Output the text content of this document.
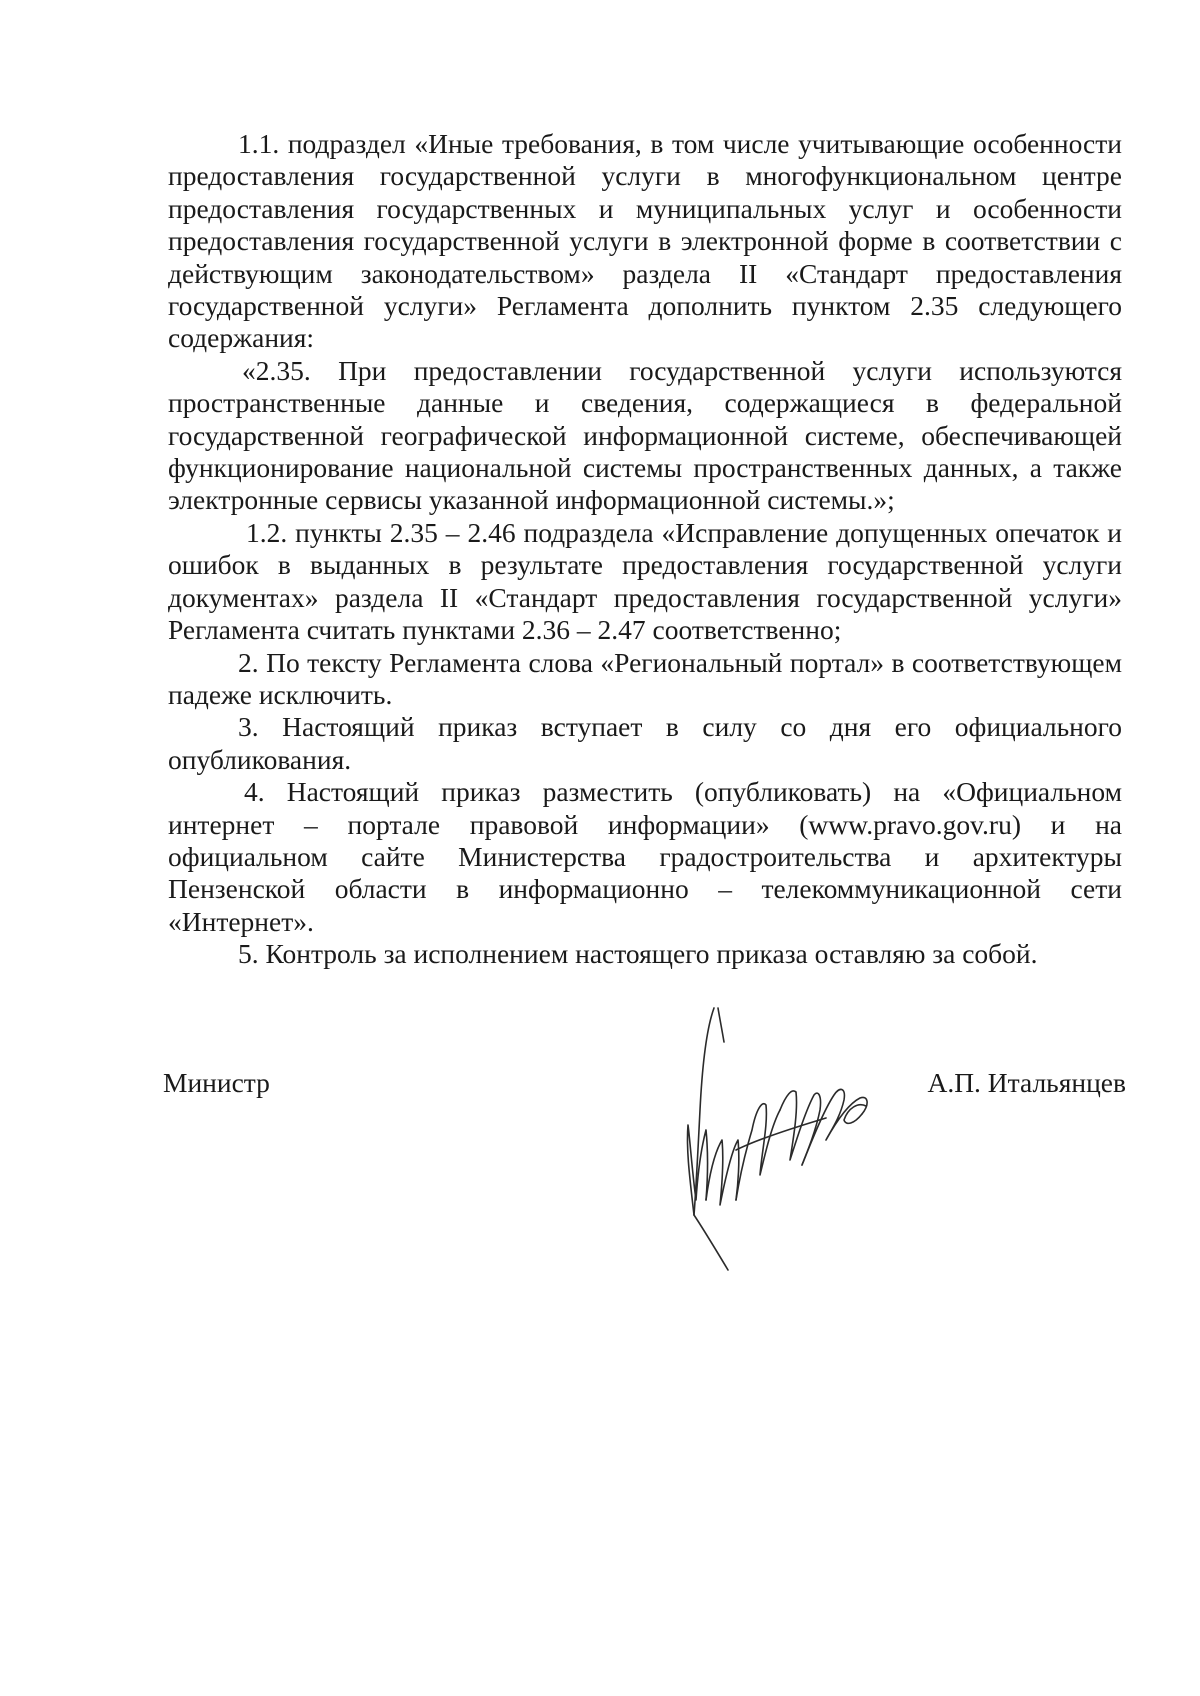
1.1. подраздел «Иные требования, в том числе учитывающие особенности предоставления государственной услуги в многофункциональном центре предоставления государственных и муниципальных услуг и особенности предоставления государственной услуги в электронной форме в соответствии с действующим законодательством» раздела II «Стандарт предоставления государственной услуги» Регламента дополнить пунктом 2.35 следующего содержания:

«2.35. При предоставлении государственной услуги используются пространственные данные и сведения, содержащиеся в федеральной государственной географической информационной системе, обеспечивающей функционирование национальной системы пространственных данных, а также электронные сервисы указанной информационной системы.»;

1.2. пункты 2.35 – 2.46 подраздела «Исправление допущенных опечаток и ошибок в выданных в результате предоставления государственной услуги документах» раздела II «Стандарт предоставления государственной услуги» Регламента считать пунктами 2.36 – 2.47 соответственно;

2. По тексту Регламента слова «Региональный портал» в соответствующем падеже исключить.

3. Настоящий приказ вступает в силу со дня его официального опубликования.

4. Настоящий приказ разместить (опубликовать) на «Официальном интернет – портале правовой информации» (www.pravo.gov.ru) и на официальном сайте Министерства градостроительства и архитектуры Пензенской области в информационно – телекоммуникационной сети «Интернет».

5. Контроль за исполнением настоящего приказа оставляю за собой.

Министр	А.П. Итальянцев
